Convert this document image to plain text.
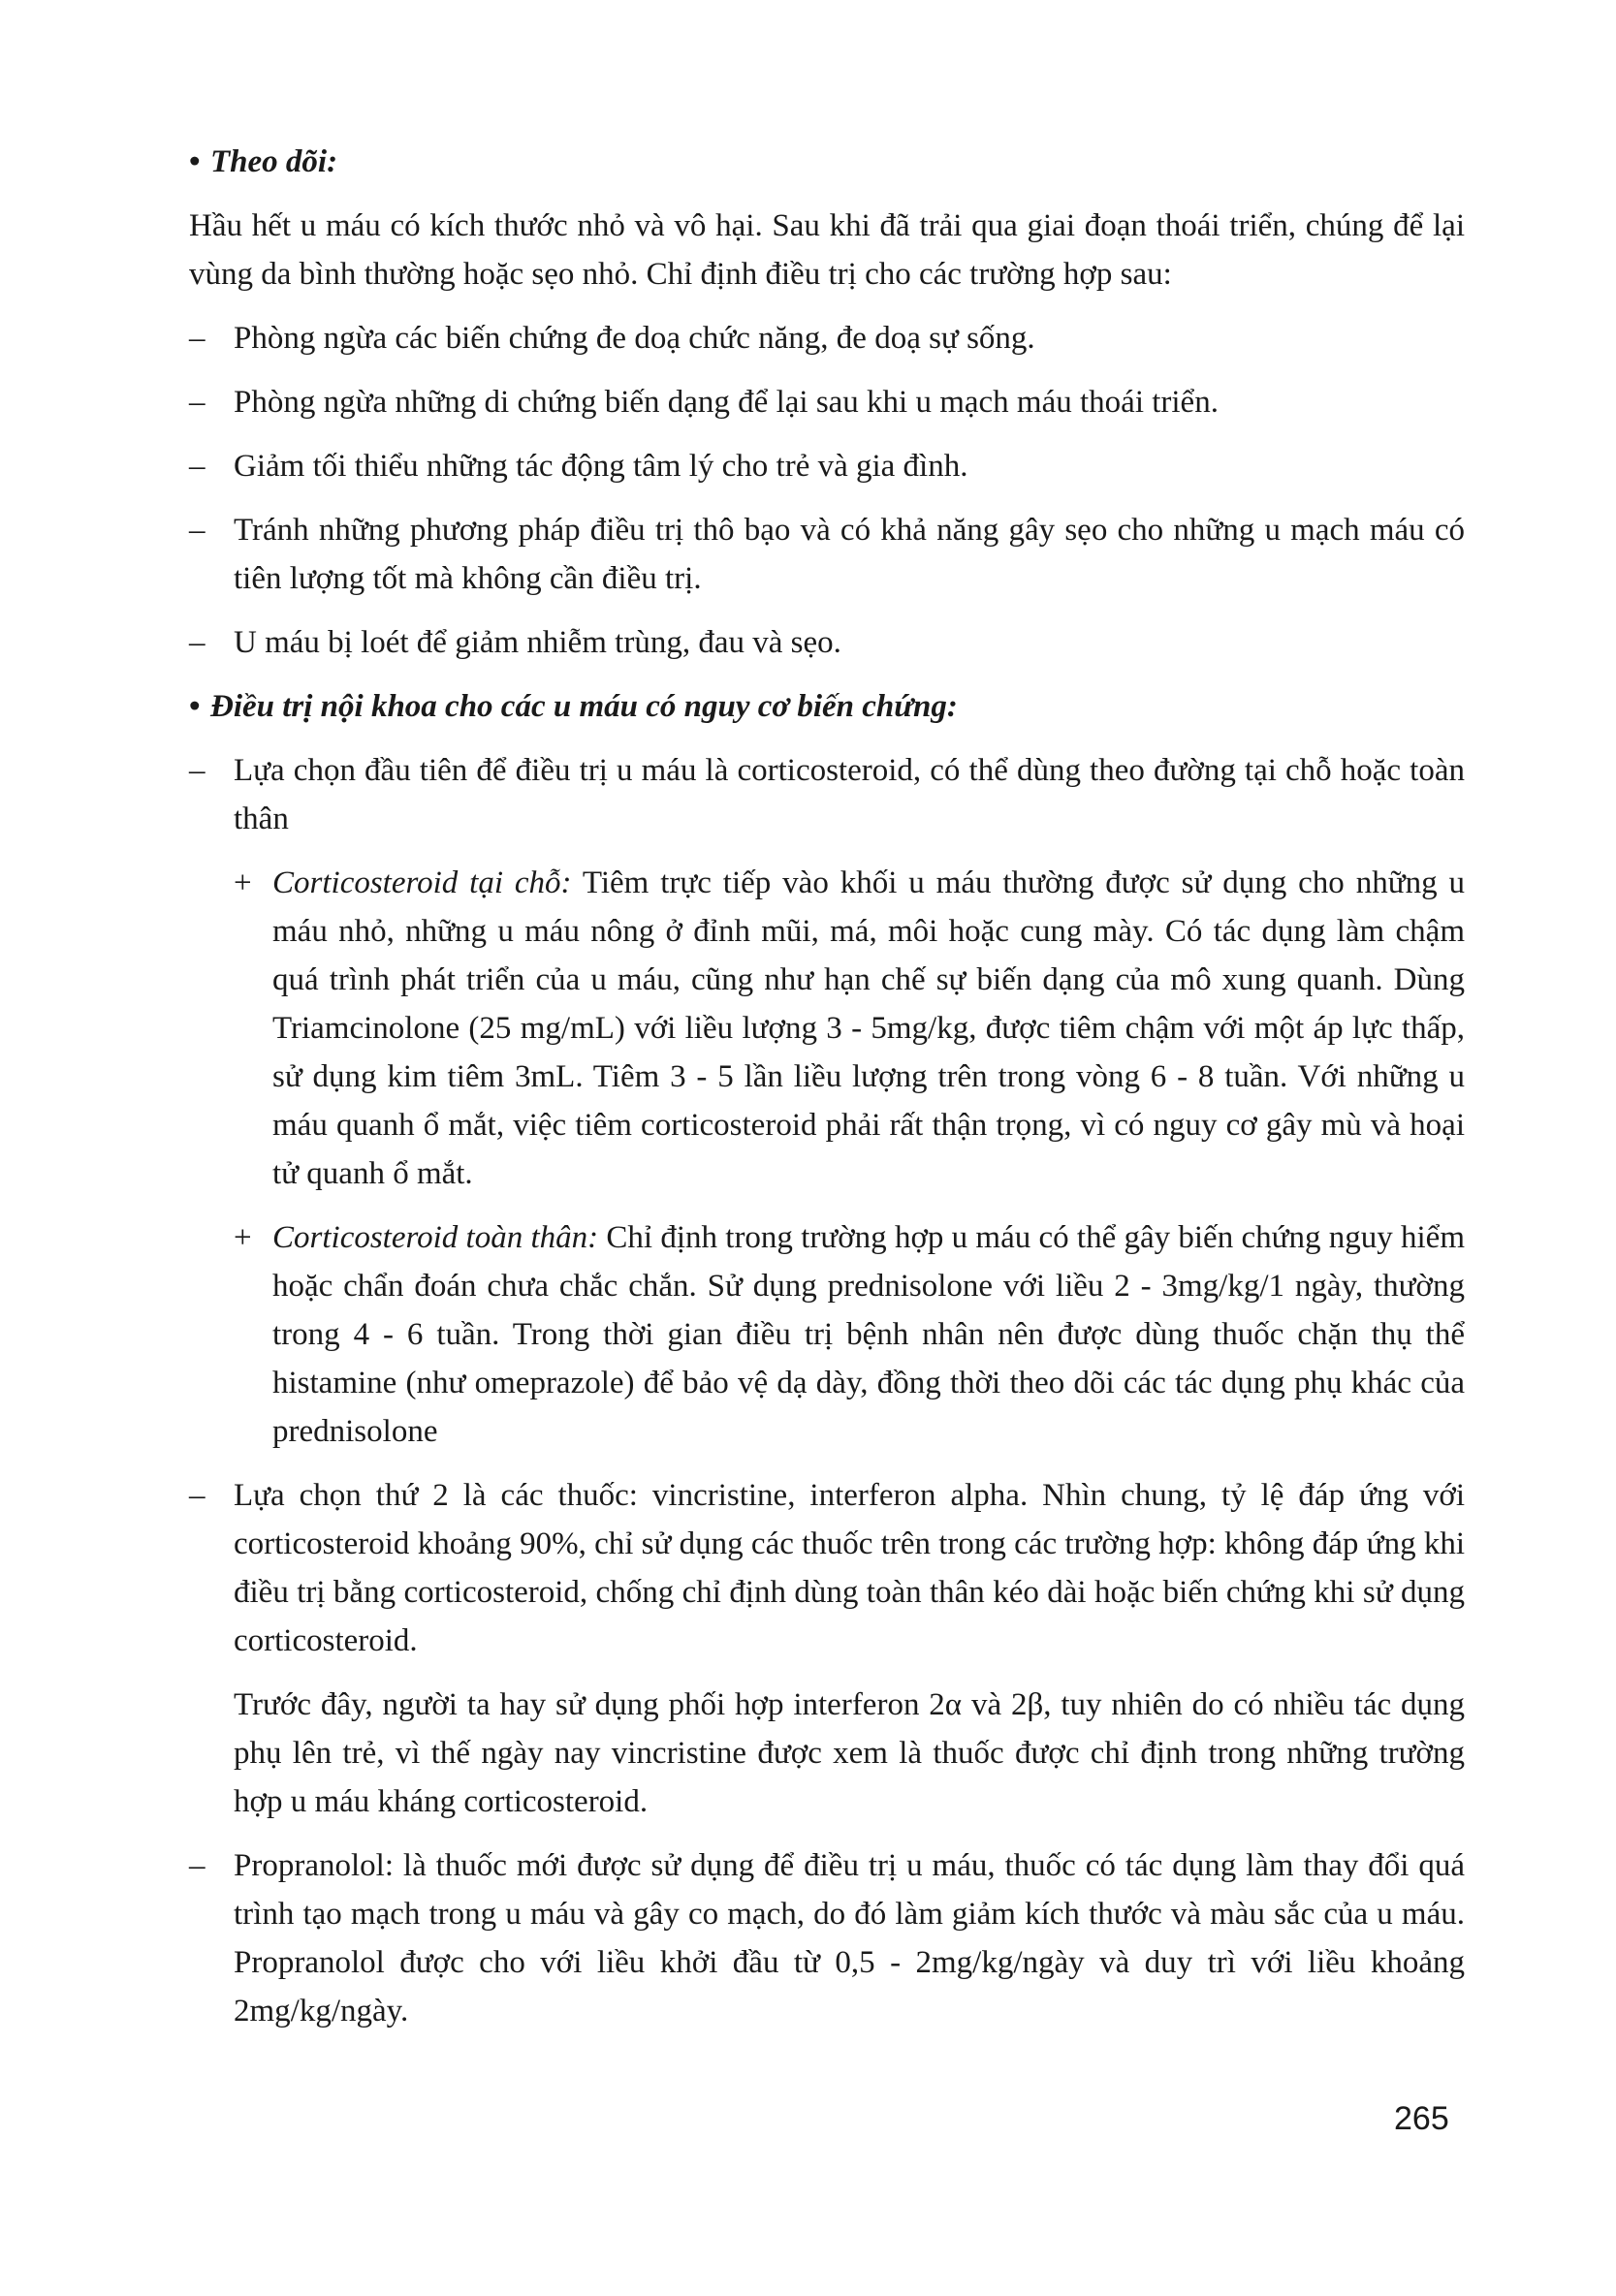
• Theo dõi:

Hầu hết u máu có kích thước nhỏ và vô hại. Sau khi đã trải qua giai đoạn thoái triển, chúng để lại vùng da bình thường hoặc sẹo nhỏ. Chỉ định điều trị cho các trường hợp sau:

– Phòng ngừa các biến chứng đe doạ chức năng, đe doạ sự sống.

– Phòng ngừa những di chứng biến dạng để lại sau khi u mạch máu thoái triển.

– Giảm tối thiểu những tác động tâm lý cho trẻ và gia đình.

– Tránh những phương pháp điều trị thô bạo và có khả năng gây sẹo cho những u mạch máu có tiên lượng tốt mà không cần điều trị.

– U máu bị loét để giảm nhiễm trùng, đau và sẹo.

• Điều trị nội khoa cho các u máu có nguy cơ biến chứng:

– Lựa chọn đầu tiên để điều trị u máu là corticosteroid, có thể dùng theo đường tại chỗ hoặc toàn thân

+ Corticosteroid tại chỗ: Tiêm trực tiếp vào khối u máu thường được sử dụng cho những u máu nhỏ, những u máu nông ở đỉnh mũi, má, môi hoặc cung mày. Có tác dụng làm chậm quá trình phát triển của u máu, cũng như hạn chế sự biến dạng của mô xung quanh. Dùng Triamcinolone (25 mg/mL) với liều lượng 3 - 5mg/kg, được tiêm chậm với một áp lực thấp, sử dụng kim tiêm 3mL. Tiêm 3 - 5 lần liều lượng trên trong vòng 6 - 8 tuần. Với những u máu quanh ổ mắt, việc tiêm corticosteroid phải rất thận trọng, vì có nguy cơ gây mù và hoại tử quanh ổ mắt.
+ Corticosteroid toàn thân: Chỉ định trong trường hợp u máu có thể gây biến chứng nguy hiểm hoặc chẩn đoán chưa chắc chắn. Sử dụng prednisolone với liều 2 - 3mg/kg/1 ngày, thường trong 4 - 6 tuần. Trong thời gian điều trị bệnh nhân nên được dùng thuốc chặn thụ thể histamine (như omeprazole) để bảo vệ dạ dày, đồng thời theo dõi các tác dụng phụ khác của prednisolone

– Lựa chọn thứ 2 là các thuốc: vincristine, interferon alpha. Nhìn chung, tỷ lệ đáp ứng với corticosteroid khoảng 90%, chỉ sử dụng các thuốc trên trong các trường hợp: không đáp ứng khi điều trị bằng corticosteroid, chống chỉ định dùng toàn thân kéo dài hoặc biến chứng khi sử dụng corticosteroid.

Trước đây, người ta hay sử dụng phối hợp interferon 2α và 2β, tuy nhiên do có nhiều tác dụng phụ lên trẻ, vì thế ngày nay vincristine được xem là thuốc được chỉ định trong những trường hợp u máu kháng corticosteroid.

– Propranolol: là thuốc mới được sử dụng để điều trị u máu, thuốc có tác dụng làm thay đổi quá trình tạo mạch trong u máu và gây co mạch, do đó làm giảm kích thước và màu sắc của u máu. Propranolol được cho với liều khởi đầu từ 0,5 - 2mg/kg/ngày và duy trì với liều khoảng 2mg/kg/ngày.

265
